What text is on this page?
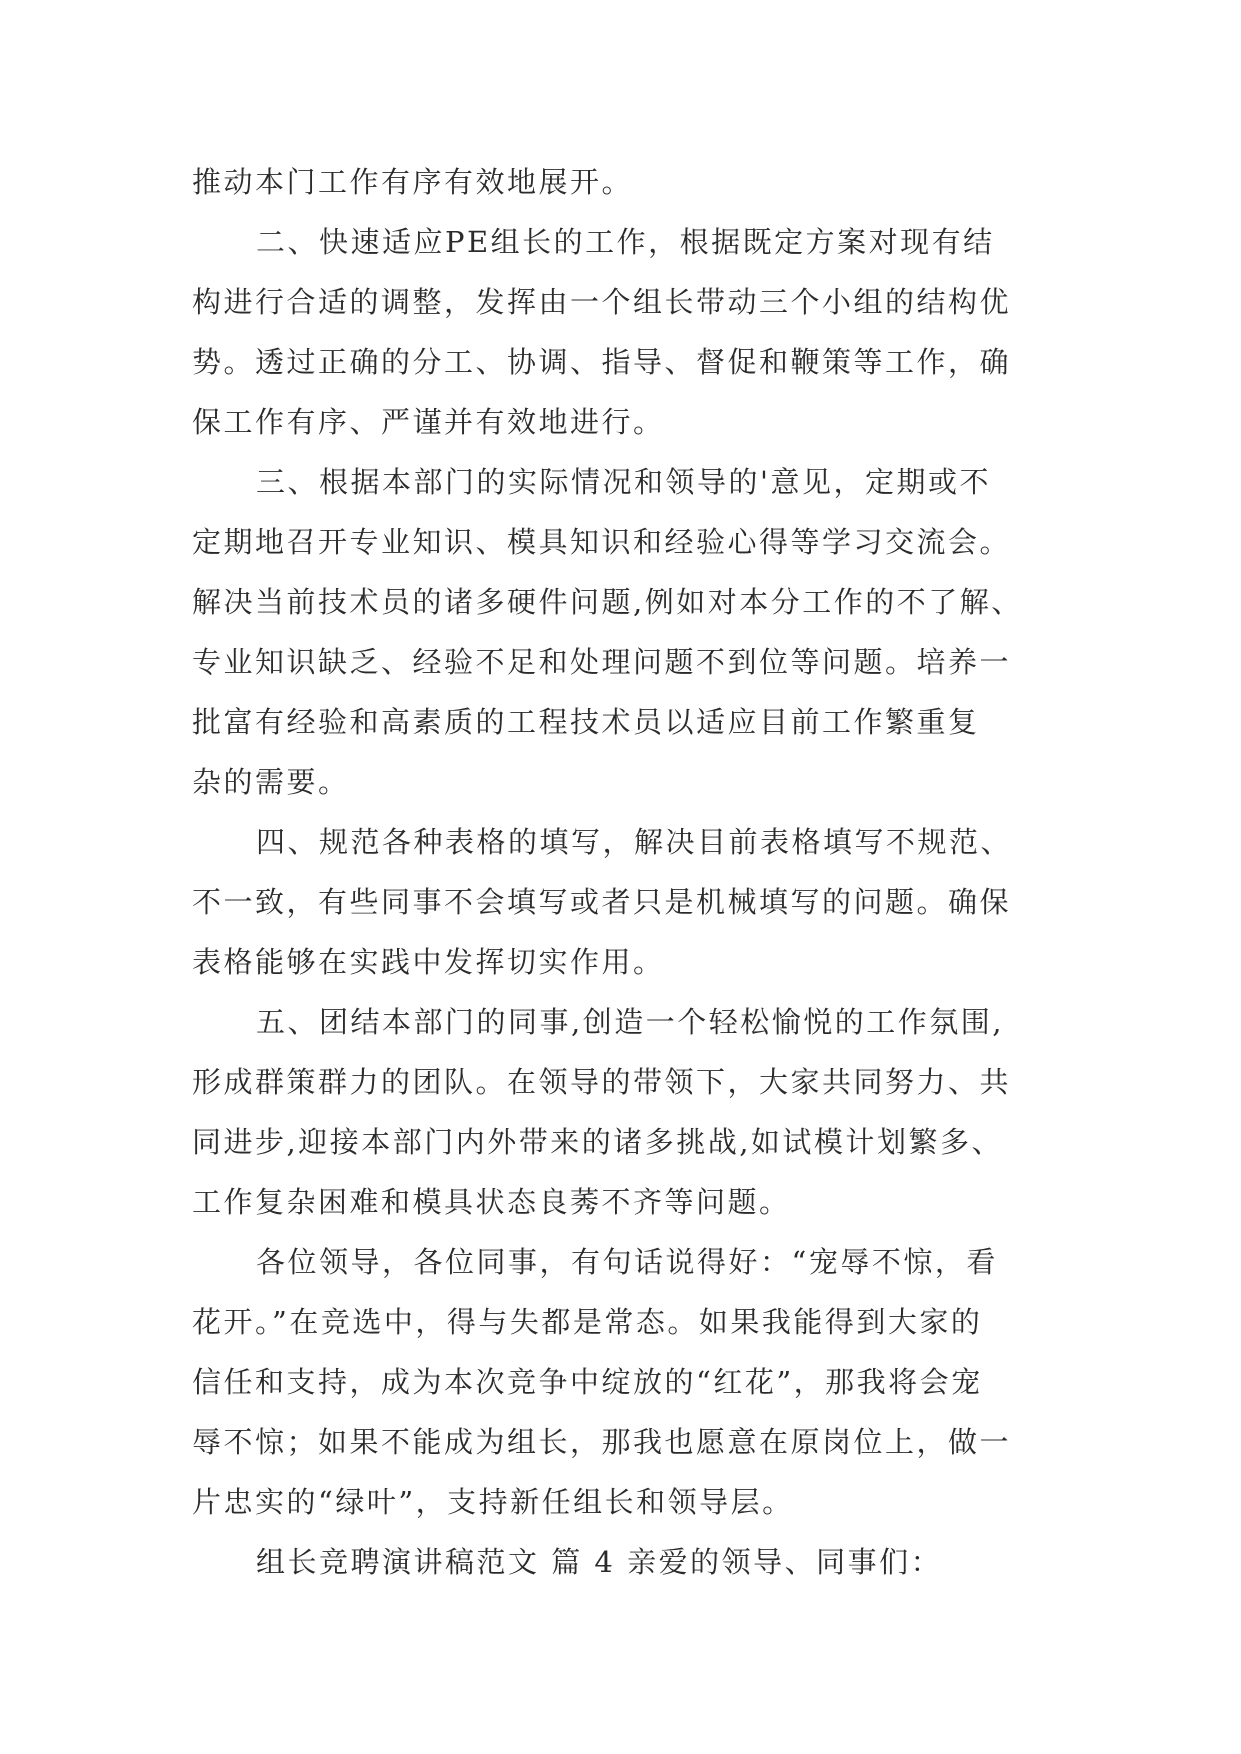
推动本门工作有序有效地展开。
二、快速适应PE组长的工作，根据既定方案对现有结
构进行合适的调整，发挥由一个组长带动三个小组的结构优
势。透过正确的分工、协调、指导、督促和鞭策等工作，确
保工作有序、严谨并有效地进行。
三、根据本部门的实际情况和领导的'意见，定期或不
定期地召开专业知识、模具知识和经验心得等学习交流会。
解决当前技术员的诸多硬件问题,例如对本分工作的不了解、
专业知识缺乏、经验不足和处理问题不到位等问题。培养一
批富有经验和高素质的工程技术员以适应目前工作繁重复
杂的需要。
四、规范各种表格的填写，解决目前表格填写不规范、
不一致，有些同事不会填写或者只是机械填写的问题。确保
表格能够在实践中发挥切实作用。
五、团结本部门的同事,创造一个轻松愉悦的工作氛围,
形成群策群力的团队。在领导的带领下，大家共同努力、共
同进步,迎接本部门内外带来的诸多挑战,如试模计划繁多、
工作复杂困难和模具状态良莠不齐等问题。
各位领导，各位同事，有句话说得好：“宠辱不惊，看
花开。”在竞选中，得与失都是常态。如果我能得到大家的
信任和支持，成为本次竞争中绽放的“红花”，那我将会宠
辱不惊；如果不能成为组长，那我也愿意在原岗位上，做一
片忠实的“绿叶”，支持新任组长和领导层。
组长竞聘演讲稿范文 篇 4 亲爱的领导、同事们：
